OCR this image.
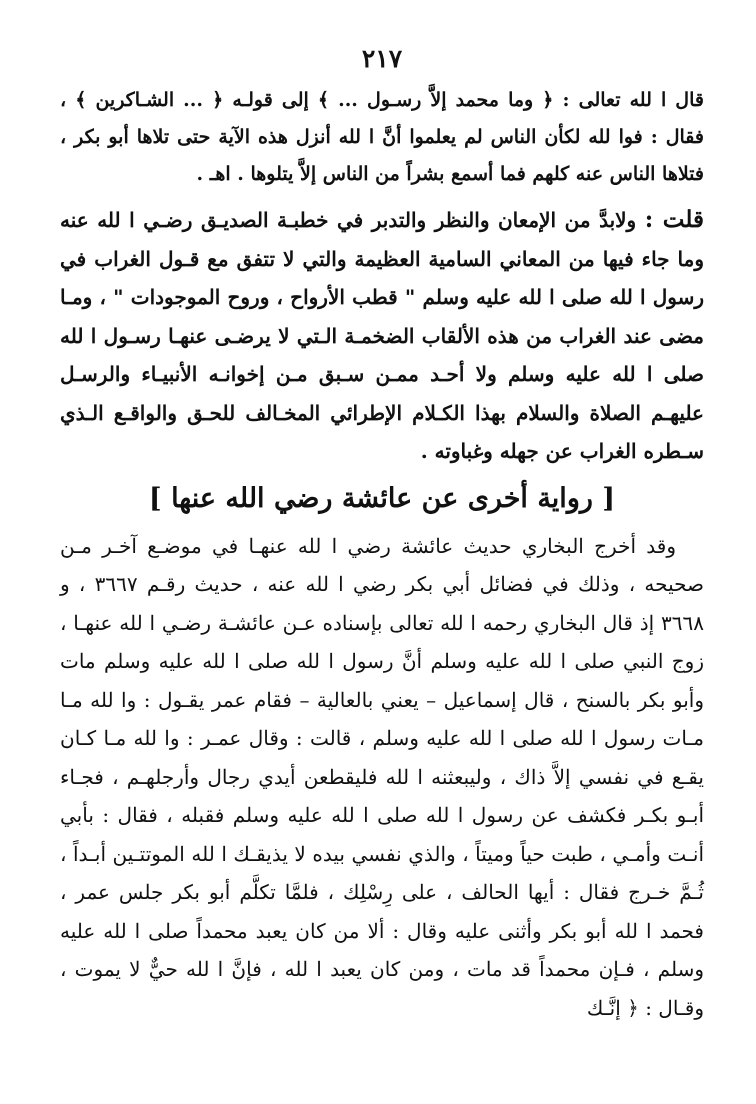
٢١٧

قال ا لله تعالى : ﴿ وما محمد إلاَّ رسـول ... ﴾ إلى قولـه ﴿ ... الشـاكرين ﴾ ، فقال : فوا لله لكأن الناس لم يعلموا أنَّ ا لله أنزل هذه الآية حتى تلاها أبو بكر ، فتلاها الناس عنه كلهم فما أسمع بشراً من الناس إلاَّ يتلوها . اهـ .

قلت : ولابدَّ من الإمعان والنظر والتدبر في خطبـة الصديـق رضـي ا لله عنه وما جاء فيها من المعاني السامية العظيمة والتي لا تتفق مع قـول الغراب في رسول ا لله صلى ا لله عليه وسلم " قطب الأرواح ، وروح الموجودات " ، ومـا مضى عند الغراب من هذه الألقاب الضخمـة الـتي لا يرضـى عنهـا رسـول ا لله صلى ا لله عليه وسلم ولا أحـد ممـن سـبق مـن إخوانـه الأنبيـاء والرسـل عليهـم الصلاة والسلام بهذا الكـلام الإطرائي المخـالف للحـق والواقـع الـذي سـطره الغراب عن جهله وغباوته .

[ رواية أخرى عن عائشة رضي الله عنها ]

وقد أخرج البخاري حديث عائشة رضي ا لله عنهـا في موضـع آخـر مـن صحيحه ، وذلك في فضائل أبي بكر رضي ا لله عنه ، حديث رقـم ٣٦٦٧ ، و ٣٦٦٨ إذ قال البخاري رحمه ا لله تعالى بإسناده عـن عائشـة رضـي ا لله عنهـا ، زوج النبي صلى ا لله عليه وسلم أنَّ رسول ا لله صلى ا لله عليه وسلم مات وأبو بكر بالسنح ، قال إسماعيل – يعني بالعالية – فقام عمر يقـول : وا لله مـا مـات رسول ا لله صلى ا لله عليه وسلم ، قالت : وقال عمـر : وا لله مـا كـان يقـع في نفسي إلاَّ ذاك ، وليبعثنه ا لله فليقطعن أيدي رجال وأرجلهـم ، فجـاء أبـو بكـر فكشف عن رسول ا لله صلى ا لله عليه وسلم فقبله ، فقال : بأبي أنـت وأمـي ، طبت حياً وميتاً ، والذي نفسي بيده لا يذيقـك ا لله الموتتـين أبـداً ، ثُـمَّ خـرج فقال : أيها الحالف ، على رِسْلِك ، فلمَّا تكلَّم أبو بكر جلس عمر ، فحمد ا لله أبو بكر وأثنى عليه وقال : ألا من كان يعبد محمداً صلى ا لله عليه وسلم ، فـإن محمداً قد مات ، ومن كان يعبد ا لله ، فإنَّ ا لله حيٌّ لا يموت ، وقـال : ﴿ إنَّـك
